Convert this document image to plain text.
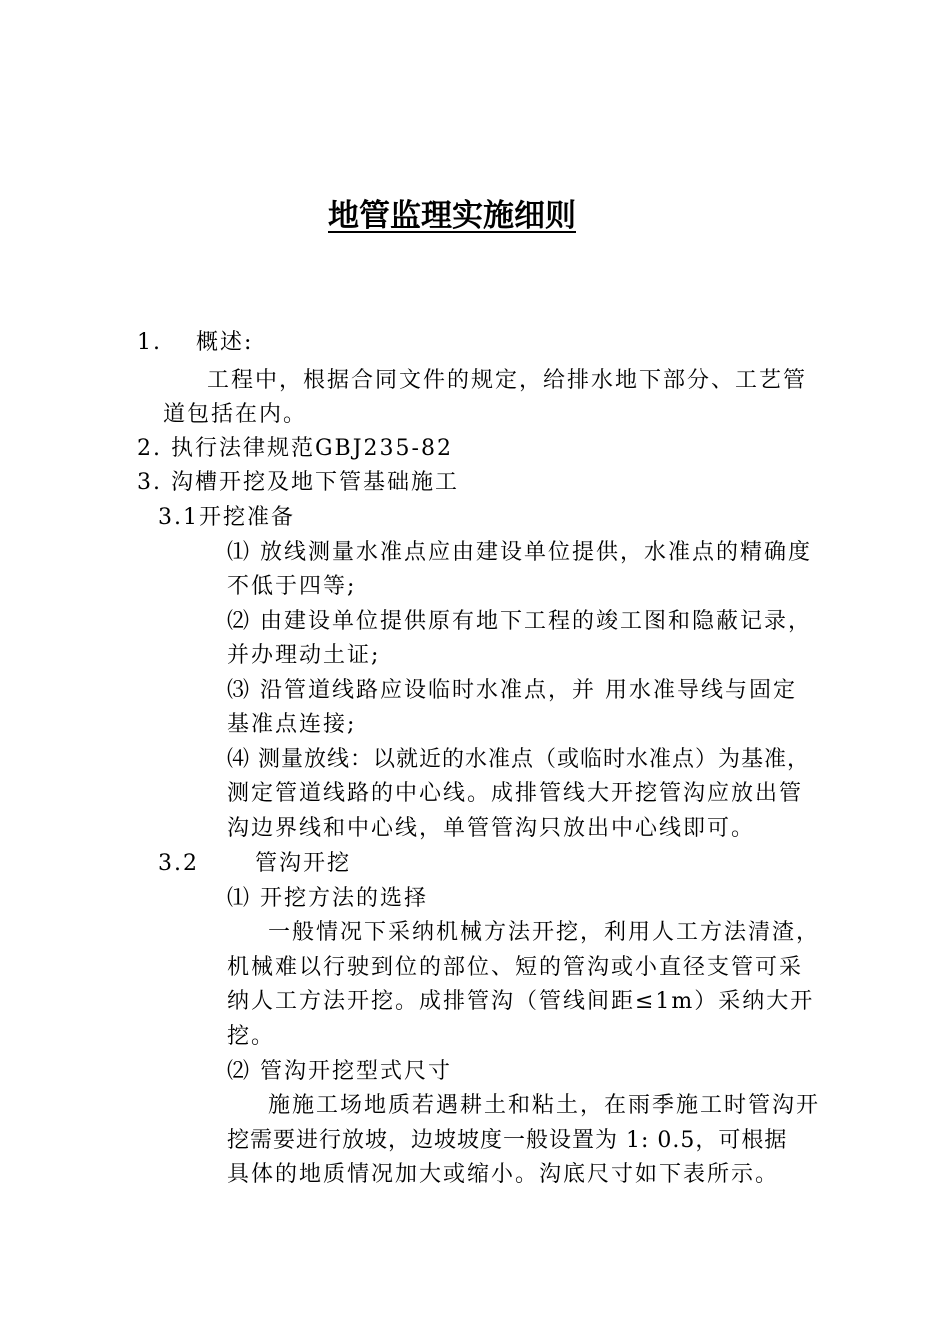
地管监理实施细则
1. 概述:
工程中，根据合同文件的规定，给排水地下部分、工艺管
道包括在内。
2. 执行法律规范GBJ235-82
3. 沟槽开挖及地下管基础施工
3.1开挖准备
⑴ 放线测量水准点应由建设单位提供，水准点的精确度
不低于四等;
⑵ 由建设单位提供原有地下工程的竣工图和隐蔽记录，
并办理动土证;
⑶ 沿管道线路应设临时水准点，并 用水准导线与固定
基准点连接;
⑷ 测量放线：以就近的水准点（或临时水准点）为基准，
测定管道线路的中心线。成排管线大开挖管沟应放出管
沟边界线和中心线，单管管沟只放出中心线即可。
3.2	管沟开挖
⑴ 开挖方法的选择
一般情况下采纳机械方法开挖，利用人工方法清渣，
机械难以行驶到位的部位、短的管沟或小直径支管可采
纳人工方法开挖。成排管沟（管线间距≤1m）采纳大开
挖。
⑵ 管沟开挖型式尺寸
施施工场地质若遇耕土和粘土，在雨季施工时管沟开
挖需要进行放坡，边坡坡度一般设置为 1: 0.5，可根据
具体的地质情况加大或缩小。沟底尺寸如下表所示。
